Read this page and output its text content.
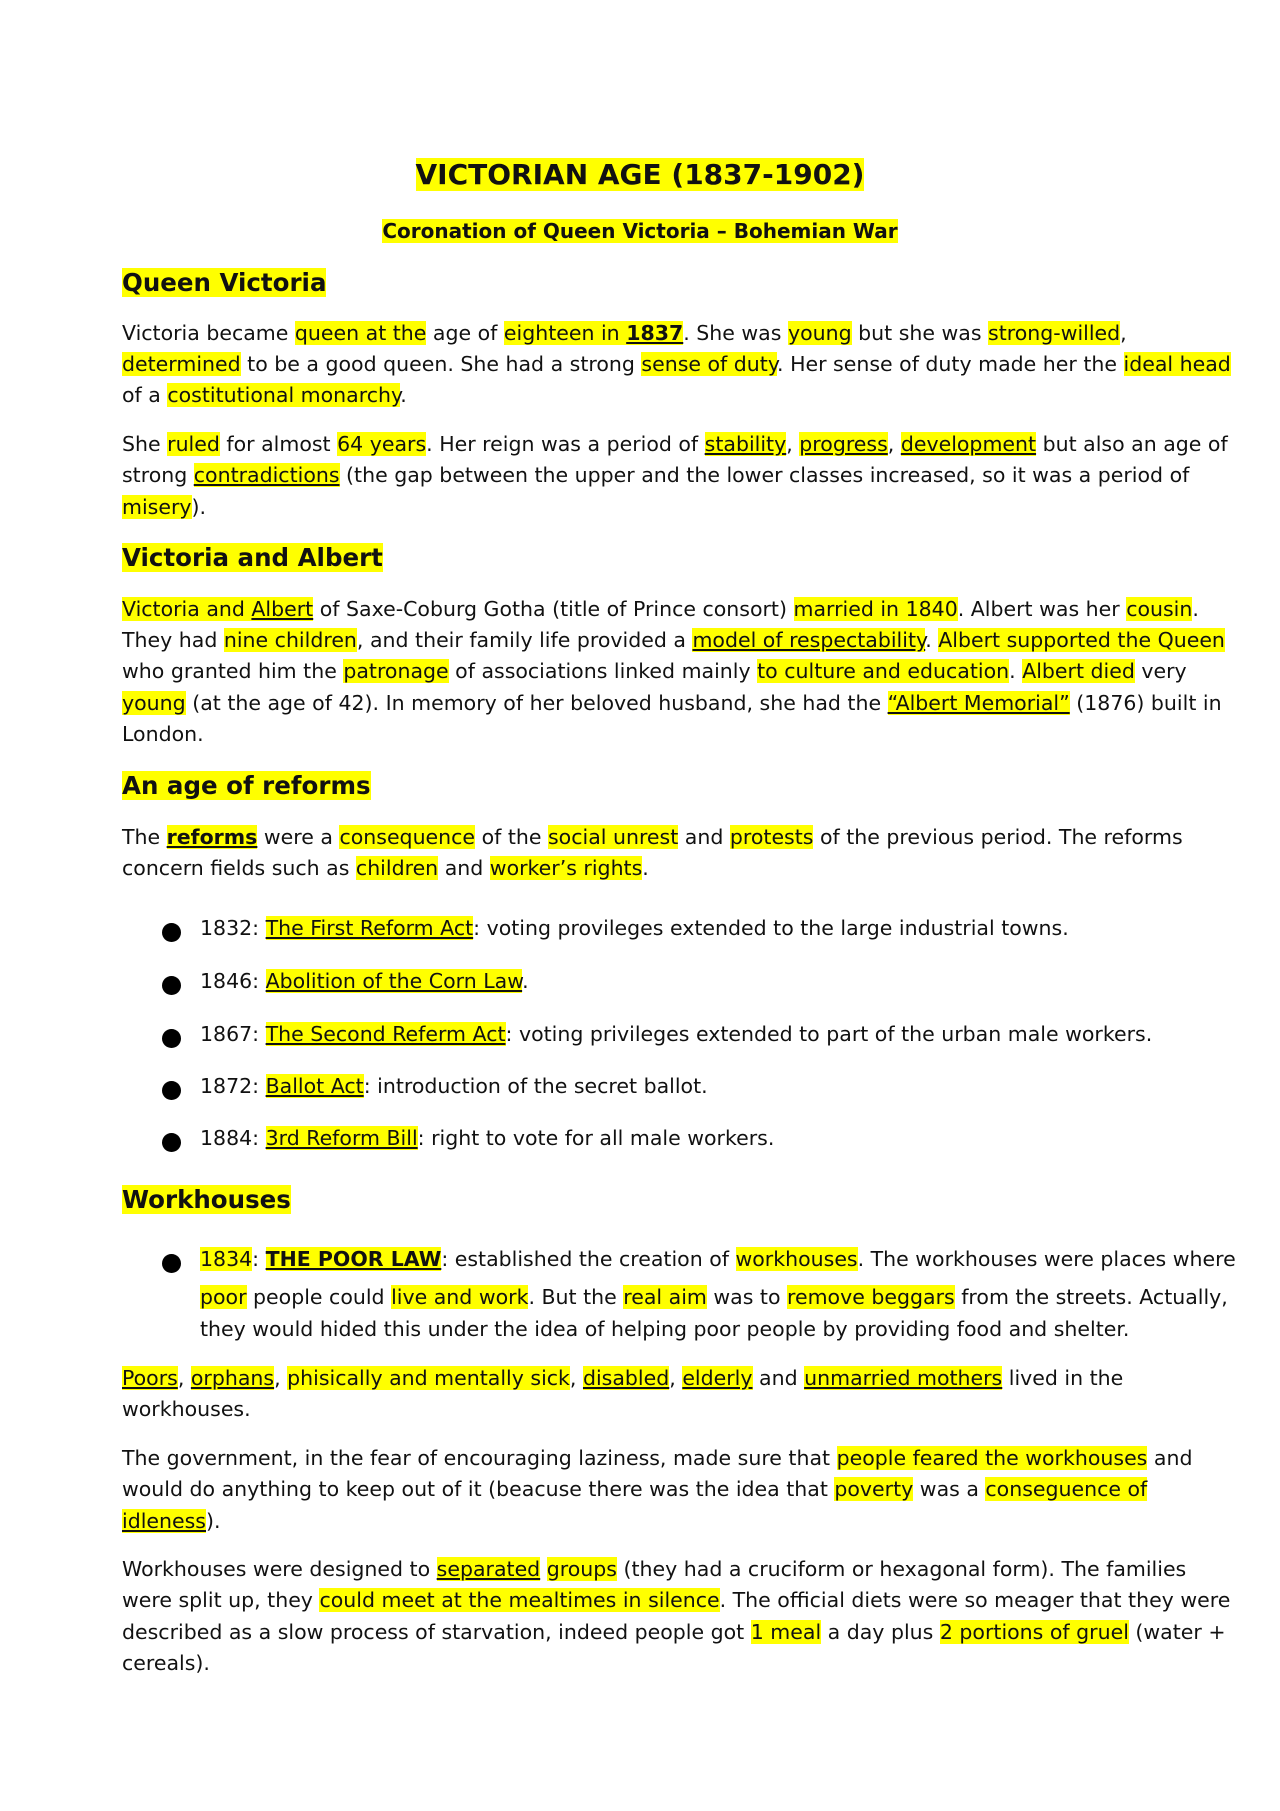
VICTORIAN AGE (1837-1902)
Coronation of Queen Victoria – Bohemian War
Queen Victoria
Victoria became queen at the age of eighteen in 1837. She was young but she was strong-willed,
determined to be a good queen. She had a strong sense of duty. Her sense of duty made her the ideal head
of a costitutional monarchy.
She ruled for almost 64 years. Her reign was a period of stability, progress, development but also an age of
strong contradictions (the gap between the upper and the lower classes increased, so it was a period of
misery).
Victoria and Albert
Victoria and Albert of Saxe-Coburg Gotha (title of Prince consort) married in 1840. Albert was her cousin.
They had nine children, and their family life provided a model of respectability. Albert supported the Queen
who granted him the patronage of associations linked mainly to culture and education. Albert died very
young (at the age of 42). In memory of her beloved husband, she had the “Albert Memorial” (1876) built in
London.
An age of reforms
The reforms were a consequence of the social unrest and protests of the previous period. The reforms
concern fields such as children and worker’s rights.
1832: The First Reform Act: voting provileges extended to the large industrial towns.
1846: Abolition of the Corn Law.
1867: The Second Referm Act: voting privileges extended to part of the urban male workers.
1872: Ballot Act: introduction of the secret ballot.
1884: 3rd Reform Bill: right to vote for all male workers.
Workhouses
1834: THE POOR LAW: established the creation of workhouses. The workhouses were places where
poor people could live and work. But the real aim was to remove beggars from the streets. Actually,
they would hided this under the idea of helping poor people by providing food and shelter.
Poors, orphans, phisically and mentally sick, disabled, elderly and unmarried mothers lived in the
workhouses.
The government, in the fear of encouraging laziness, made sure that people feared the workhouses and
would do anything to keep out of it (beacuse there was the idea that poverty was a conseguence of
idleness).
Workhouses were designed to separated groups (they had a cruciform or hexagonal form). The families
were split up, they could meet at the mealtimes in silence. The official diets were so meager that they were
described as a slow process of starvation, indeed people got 1 meal a day plus 2 portions of gruel (water +
cereals).
